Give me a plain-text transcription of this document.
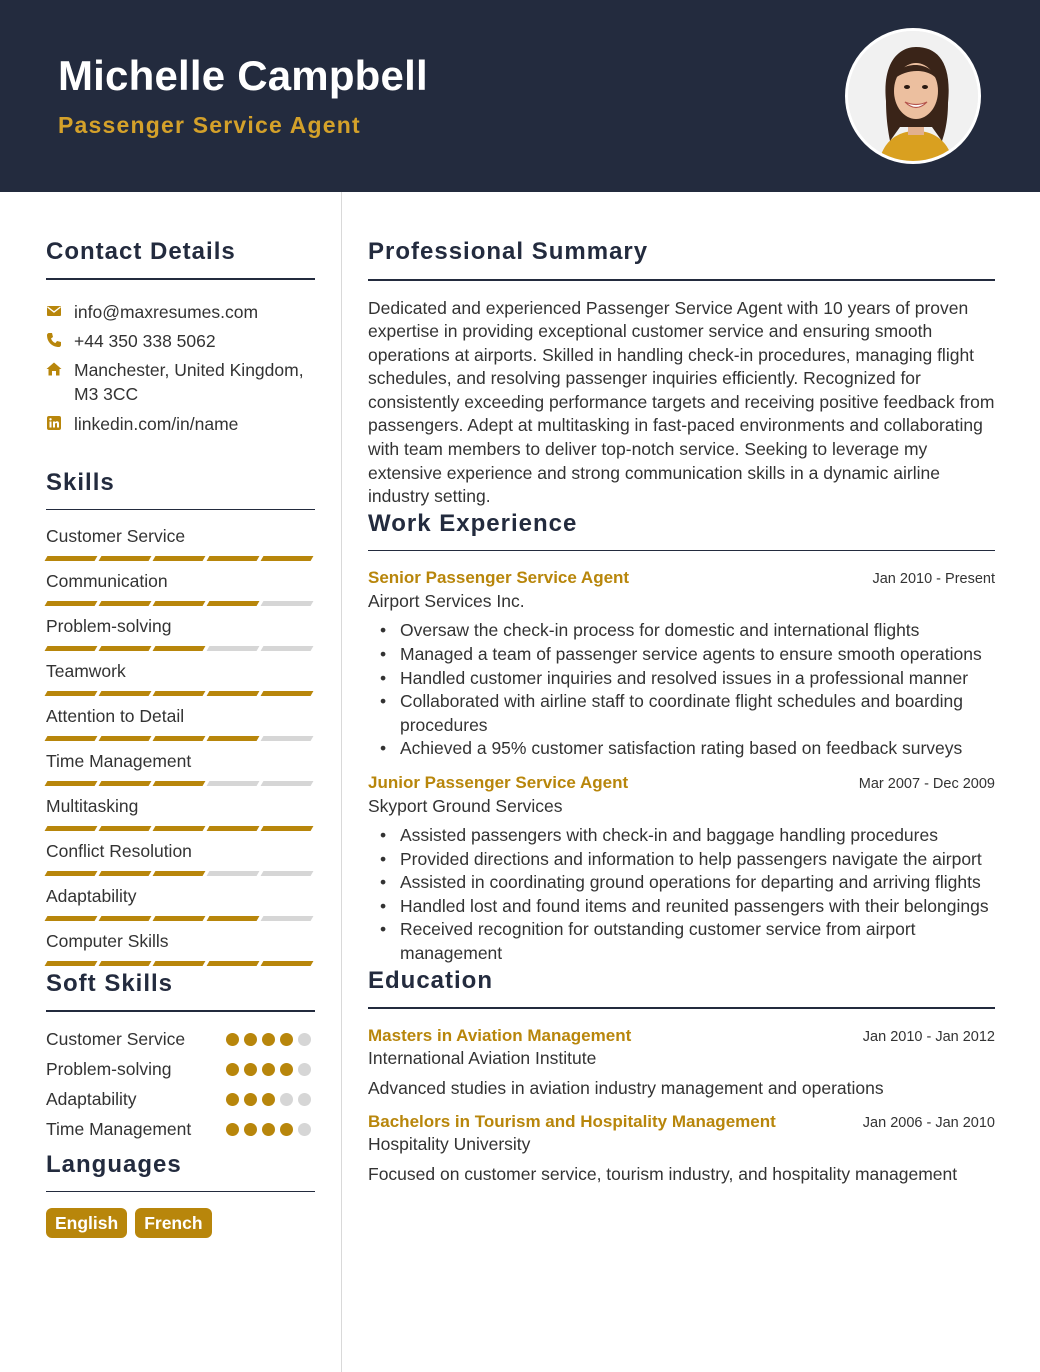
Michelle Campbell
Passenger Service Agent
Contact Details
info@maxresumes.com
+44 350 338 5062
Manchester, United Kingdom,
M3 3CC
linkedin.com/in/name
Skills
Customer Service
Communication
Problem-solving
Teamwork
Attention to Detail
Time Management
Multitasking
Conflict Resolution
Adaptability
Computer Skills
Soft Skills
Customer Service
Problem-solving
Adaptability
Time Management
Languages
English	French
Professional Summary
Dedicated and experienced Passenger Service Agent with 10 years of proven expertise in providing exceptional customer service and ensuring smooth operations at airports. Skilled in handling check-in procedures, managing flight schedules, and resolving passenger inquiries efficiently. Recognized for consistently exceeding performance targets and receiving positive feedback from passengers. Adept at multitasking in fast-paced environments and collaborating with team members to deliver top-notch service. Seeking to leverage my extensive experience and strong communication skills in a dynamic airline industry setting.
Work Experience
Senior Passenger Service Agent	Jan 2010 - Present
Airport Services Inc.
• Oversaw the check-in process for domestic and international flights
• Managed a team of passenger service agents to ensure smooth operations
• Handled customer inquiries and resolved issues in a professional manner
• Collaborated with airline staff to coordinate flight schedules and boarding procedures
• Achieved a 95% customer satisfaction rating based on feedback surveys
Junior Passenger Service Agent	Mar 2007 - Dec 2009
Skyport Ground Services
• Assisted passengers with check-in and baggage handling procedures
• Provided directions and information to help passengers navigate the airport
• Assisted in coordinating ground operations for departing and arriving flights
• Handled lost and found items and reunited passengers with their belongings
• Received recognition for outstanding customer service from airport management
Education
Masters in Aviation Management	Jan 2010 - Jan 2012
International Aviation Institute
Advanced studies in aviation industry management and operations
Bachelors in Tourism and Hospitality Management	Jan 2006 - Jan 2010
Hospitality University
Focused on customer service, tourism industry, and hospitality management
